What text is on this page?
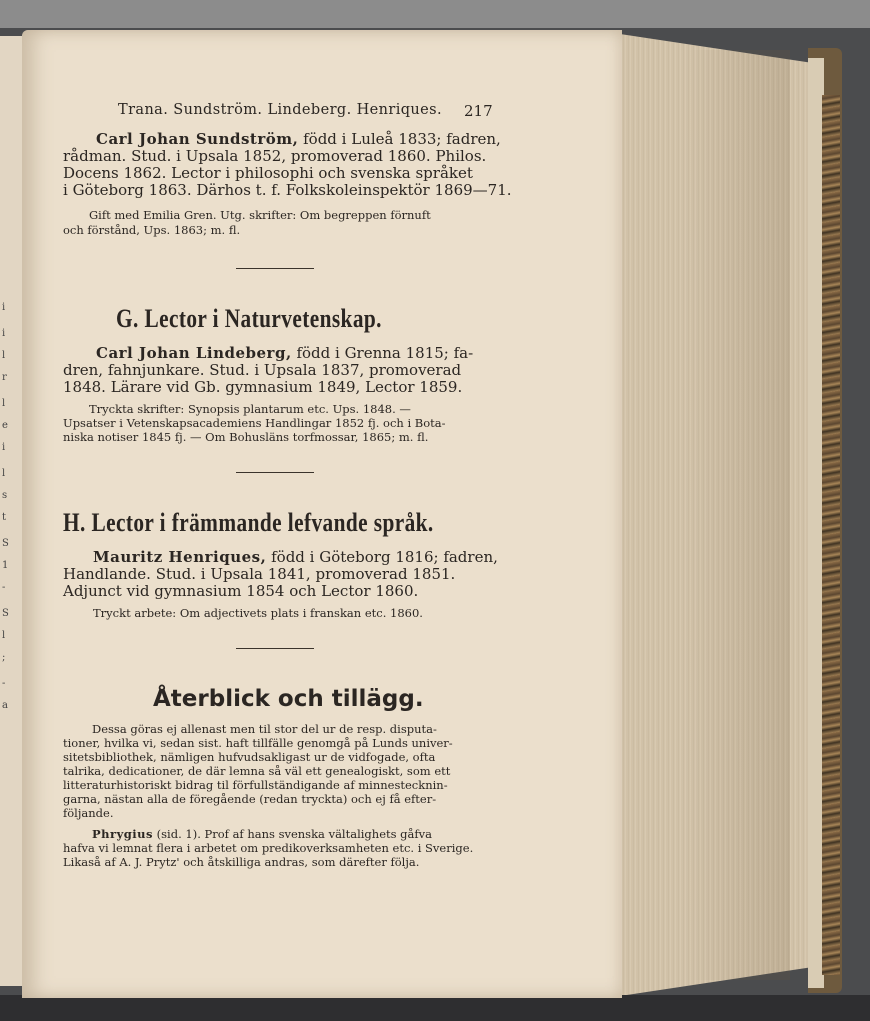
i
i
l
r
l
e
i
l
s
t
S
1
-
S
l
;
-
a
Trana. Sundström. Lindeberg. Henriques. 217
Carl Johan Sundström, född i Luleå 1833; fadren,
rådman. Stud. i Upsala 1852, promoverad 1860. Philos.
Docens 1862. Lector i philosophi och svenska språket
i Göteborg 1863. Därhos t. f. Folkskoleinspektör 1869—71.
Gift med Emilia Gren. Utg. skrifter: Om begreppen förnuft
och förstånd, Ups. 1863; m. fl.
G. Lector i Naturvetenskap.
Carl Johan Lindeberg, född i Grenna 1815; fa-
dren, fahnjunkare. Stud. i Upsala 1837, promoverad
1848. Lärare vid Gb. gymnasium 1849, Lector 1859.
Tryckta skrifter: Synopsis plantarum etc. Ups. 1848. —
Upsatser i Vetenskapsacademiens Handlingar 1852 fj. och i Bota-
niska notiser 1845 fj. — Om Bohusläns torfmossar, 1865; m. fl.
H. Lector i främmande lefvande språk.
Mauritz Henriques, född i Göteborg 1816; fadren,
Handlande. Stud. i Upsala 1841, promoverad 1851.
Adjunct vid gymnasium 1854 och Lector 1860.
Tryckt arbete: Om adjectivets plats i franskan etc. 1860.
Återblick och tillägg.
Dessa göras ej allenast men til stor del ur de resp. disputa-
tioner, hvilka vi, sedan sist. haft tillfälle genomgå på Lunds univer-
sitetsbibliothek, nämligen hufvudsakligast ur de vidfogade, ofta
talrika, dedicationer, de där lemna så väl ett genealogiskt, som ett
litteraturhistoriskt bidrag til förfullständigande af minnestecknin-
garna, nästan alla de föregående (redan tryckta) och ej få efter-
följande.
Phrygius (sid. 1). Prof af hans svenska vältalighets gåfva
hafva vi lemnat flera i arbetet om predikoverksamheten etc. i Sverige.
Likaså af A. J. Prytz' och åtskilliga andras, som därefter följa.
